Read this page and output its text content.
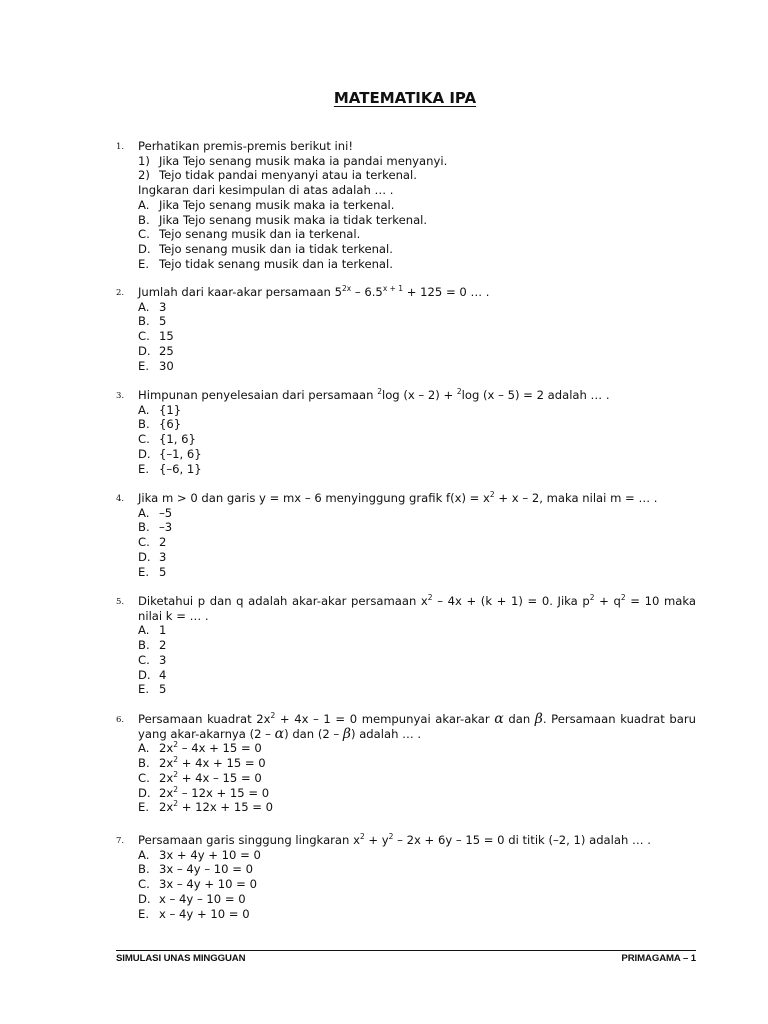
MATEMATIKA IPA
1. Perhatikan premis-premis berikut ini!
1) Jika Tejo senang musik maka ia pandai menyanyi.
2) Tejo tidak pandai menyanyi atau ia terkenal.
Ingkaran dari kesimpulan di atas adalah … .
A. Jika Tejo senang musik maka ia terkenal.
B. Jika Tejo senang musik maka ia tidak terkenal.
C. Tejo senang musik dan ia terkenal.
D. Tejo senang musik dan ia tidak terkenal.
E. Tejo tidak senang musik dan ia terkenal.
2. Jumlah dari kaar-akar persamaan $5^{2x} - 6.5^{x + 1} + 125 = 0$ … .
A. 3
B. 5
C. 15
D. 25
E. 30
3. Himpunan penyelesaian dari persamaan $^2$log (x – 2) + $^2$log (x – 5) = 2 adalah … .
A. {1}
B. {6}
C. {1, 6}
D. {–1, 6}
E. {–6, 1}
4. Jika m > 0 dan garis y = mx – 6 menyinggung grafik $f(x) = x^2 + x - 2$, maka nilai m = … .
A. –5
B. –3
C. 2
D. 3
E. 5
5. Diketahui p dan q adalah akar-akar persamaan $x^2 - 4x + (k + 1) = 0$. Jika $p^2 + q^2 = 10$ maka nilai k = … .
A. 1
B. 2
C. 3
D. 4
E. 5
6. Persamaan kuadrat $2x^2 + 4x - 1 = 0$ mempunyai akar-akar α dan β. Persamaan kuadrat baru yang akar-akarnya (2 – α) dan (2 – β) adalah … .
A. $2x^2 - 4x + 15 = 0$
B. $2x^2 + 4x + 15 = 0$
C. $2x^2 + 4x - 15 = 0$
D. $2x^2 - 12x + 15 = 0$
E. $2x^2 + 12x + 15 = 0$
7. Persamaan garis singgung lingkaran $x^2 + y^2 - 2x + 6y - 15 = 0$ di titik (–2, 1) adalah … .
A. 3x + 4y + 10 = 0
B. 3x – 4y – 10 = 0
C. 3x – 4y + 10 = 0
D. x – 4y – 10 = 0
E. x – 4y + 10 = 0
SIMULASI UNAS MINGGUAN	PRIMAGAMA – 1
